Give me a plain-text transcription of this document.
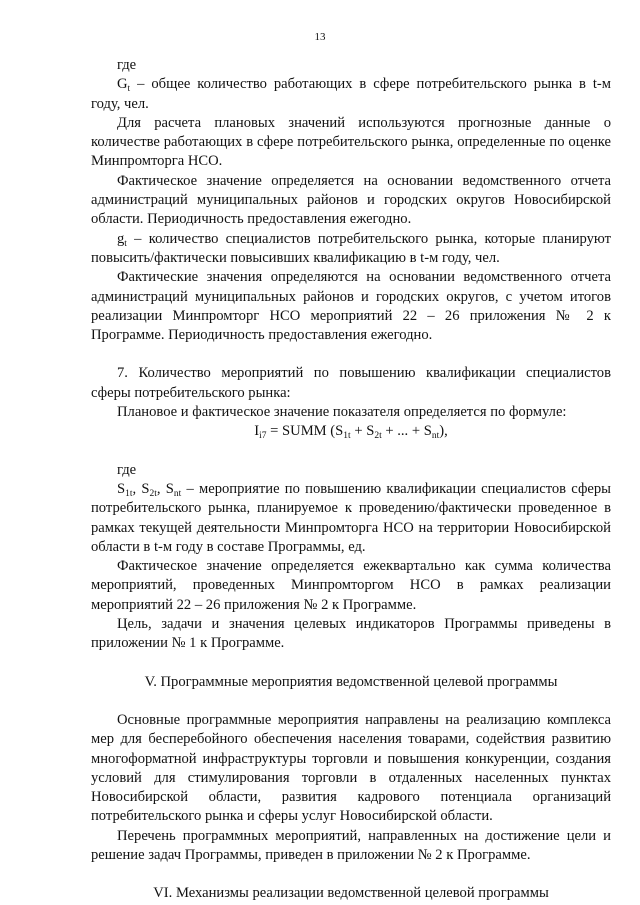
13

где

$G_t$ – общее количество работающих в сфере потребительского рынка в t-м году, чел.

Для расчета плановых значений используются прогнозные данные о количестве работающих в сфере потребительского рынка, определенные по оценке Минпромторга НСО.

Фактическое значение определяется на основании ведомственного отчета администраций муниципальных районов и городских округов Новосибирской области. Периодичность предоставления ежегодно.

$g_t$ – количество специалистов потребительского рынка, которые планируют повысить/фактически повысивших квалификацию в t-м году, чел.

Фактические значения определяются на основании ведомственного отчета администраций муниципальных районов и городских округов, с учетом итогов реализации Минпромторг НСО мероприятий 22 – 26 приложения № 2 к Программе. Периодичность предоставления ежегодно.

7. Количество мероприятий по повышению квалификации специалистов сферы потребительского рынка:

Плановое и фактическое значение показателя определяется по формуле:

$I_{i7}$ = SUMM ($S_{1t} + S_{2t}$ + ... + $S_{nt}$),

где

$S_{1t}$, $S_{2t}$, $S_{nt}$ – мероприятие по повышению квалификации специалистов сферы потребительского рынка, планируемое к проведению/фактически проведенное в рамках текущей деятельности Минпромторга НСО на территории Новосибирской области в t-м году в составе Программы, ед.

Фактическое значение определяется ежеквартально как сумма количества мероприятий, проведенных Минпромторгом НСО в рамках реализации мероприятий 22 – 26 приложения № 2 к Программе.

Цель, задачи и значения целевых индикаторов Программы приведены в приложении № 1 к Программе.

V. Программные мероприятия ведомственной целевой программы

Основные программные мероприятия направлены на реализацию комплекса мер для бесперебойного обеспечения населения товарами, содействия развитию многоформатной инфраструктуры торговли и повышения конкуренции, создания условий для стимулирования торговли в отдаленных населенных пунктах Новосибирской области, развития кадрового потенциала организаций потребительского рынка и сферы услуг Новосибирской области.

Перечень программных мероприятий, направленных на достижение цели и решение задач Программы, приведен в приложении № 2 к Программе.

VI. Механизмы реализации ведомственной целевой программы
